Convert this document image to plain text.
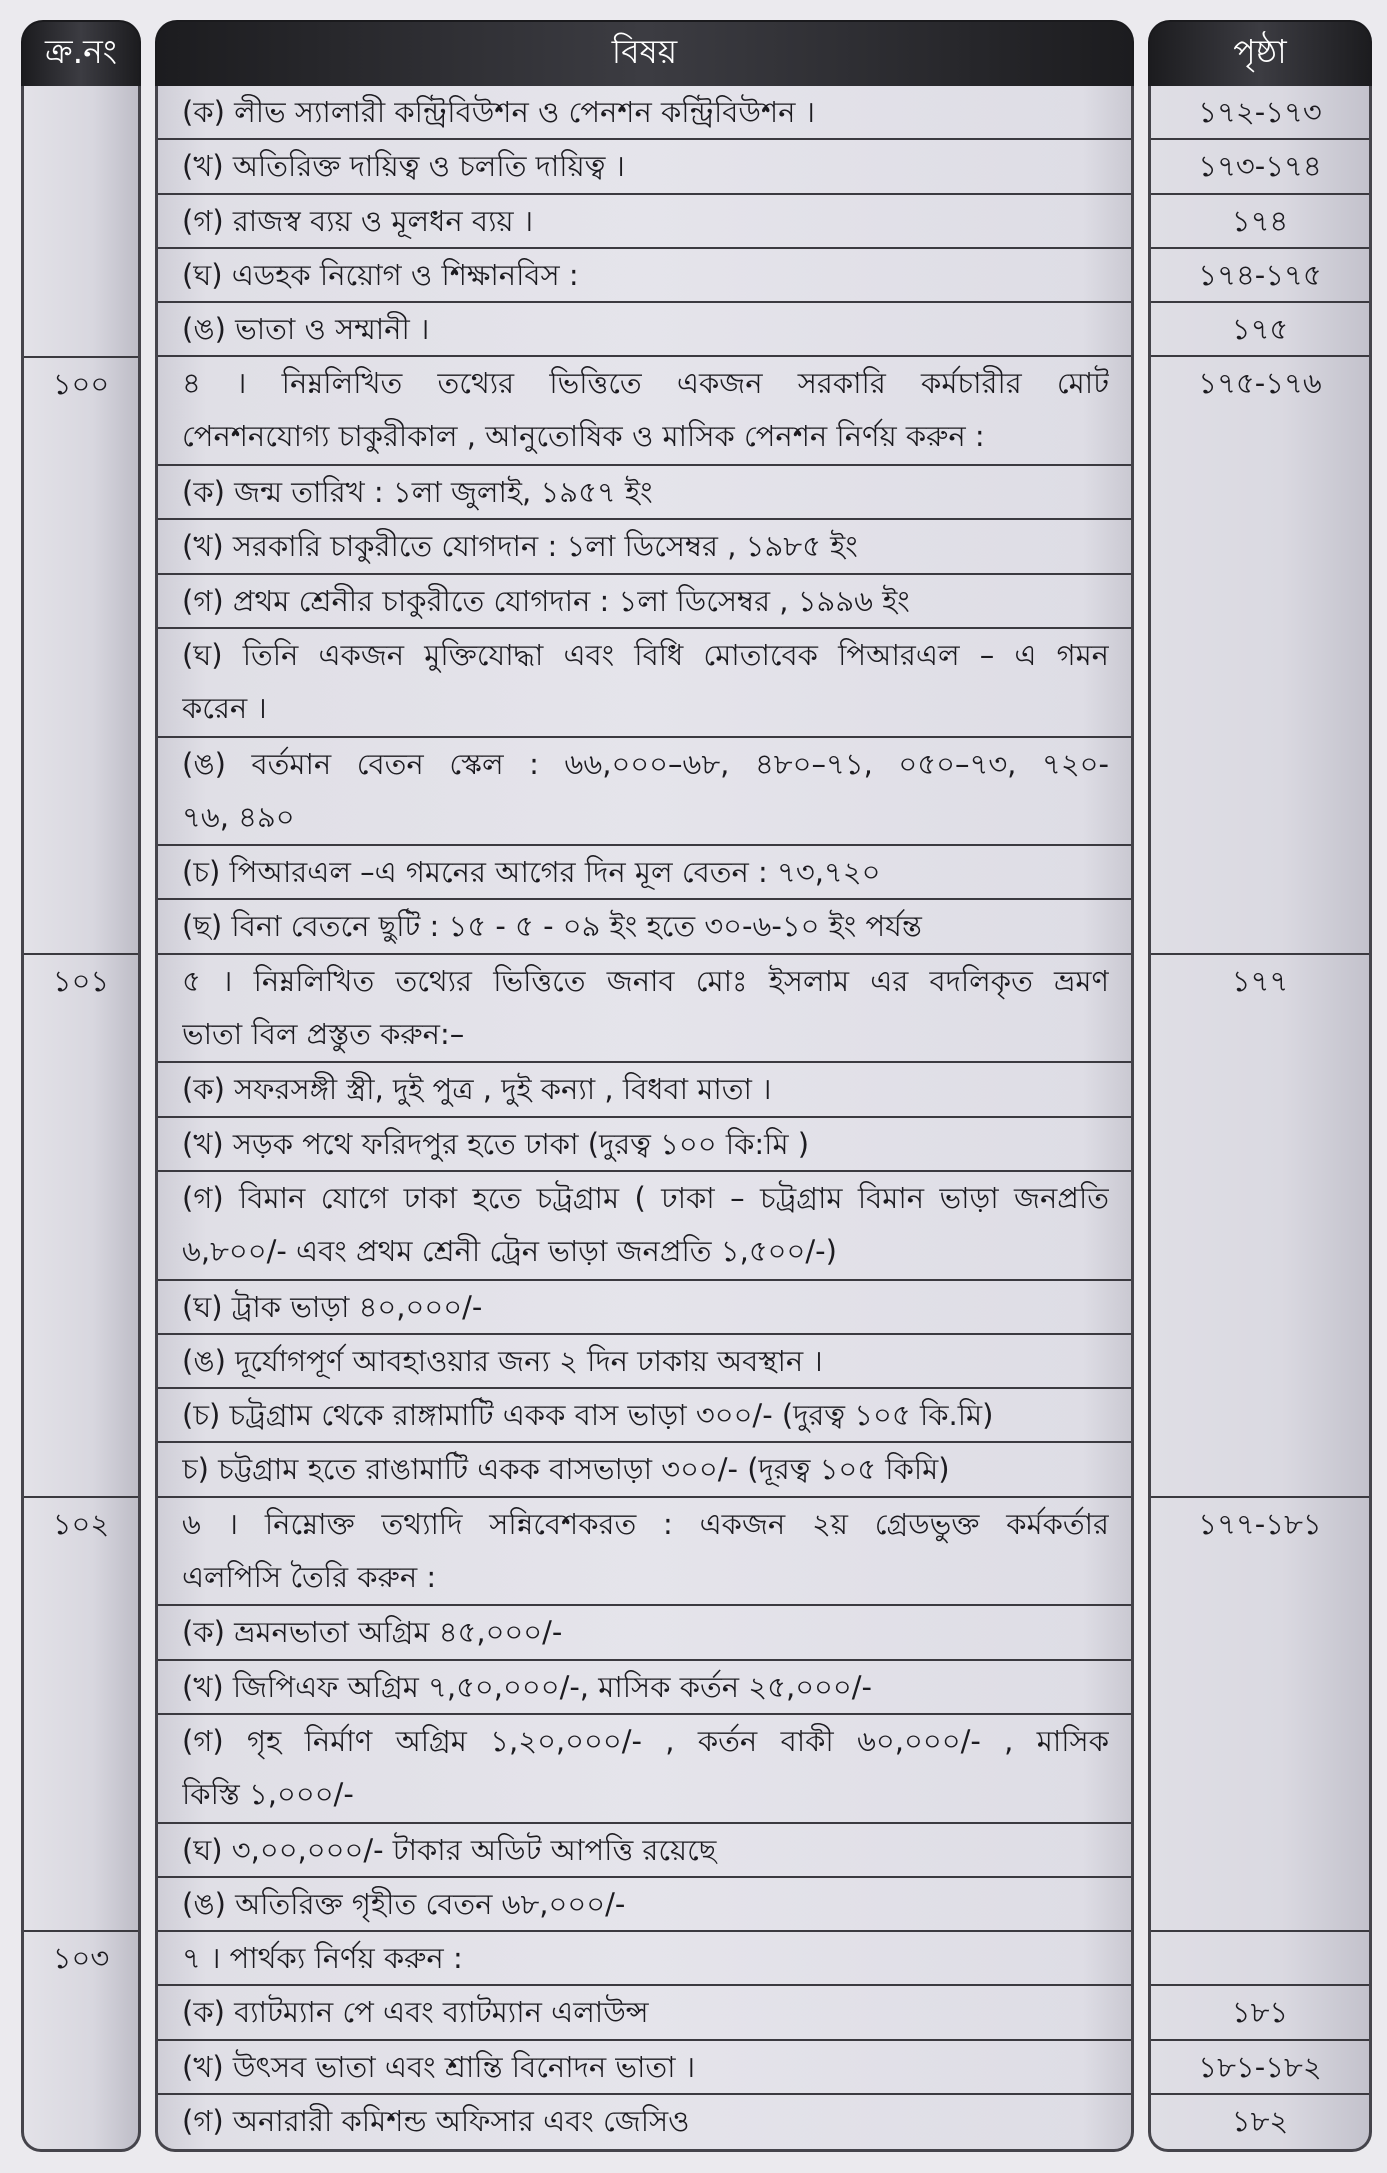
ক্র.নং
১০০
১০১
১০২
১০৩
বিষয়
(ক) লীভ স্যালারী কন্ট্রিবিউশন ও পেনশন কন্ট্রিবিউশন ।
(খ) অতিরিক্ত দায়িত্ব ও চলতি দায়িত্ব ।
(গ) রাজস্ব ব্যয় ও মূলধন ব্যয় ।
(ঘ) এডহক নিয়োগ ও শিক্ষানবিস :
(ঙ) ভাতা ও সম্মানী ।
৪ । নিম্নলিখিত তথ্যের ভিত্তিতে একজন সরকারি কর্মচারীর মোট
পেনশনযোগ্য চাকুরীকাল , আনুতোষিক ও মাসিক পেনশন নির্ণয় করুন :
(ক) জন্ম তারিখ : ১লা জুলাই, ১৯৫৭ ইং
(খ) সরকারি চাকুরীতে যোগদান : ১লা ডিসেম্বর , ১৯৮৫ ইং
(গ) প্রথম শ্রেনীর চাকুরীতে যোগদান : ১লা ডিসেম্বর , ১৯৯৬ ইং
(ঘ) তিনি একজন মুক্তিযোদ্ধা এবং বিধি মোতাবেক পিআরএল – এ গমন
করেন ।
(ঙ) বর্তমান বেতন স্কেল : ৬৬,০০০–৬৮, ৪৮০–৭১, ০৫০–৭৩, ৭২০-
৭৬, ৪৯০
(চ) পিআরএল –এ গমনের আগের দিন মূল বেতন : ৭৩,৭২০
(ছ) বিনা বেতনে ছুটি : ১৫ - ৫ - ০৯ ইং হতে ৩০-৬-১০ ইং পর্যন্ত
৫ । নিম্নলিখিত তথ্যের ভিত্তিতে জনাব মোঃ ইসলাম এর বদলিকৃত ভ্রমণ
ভাতা বিল প্রস্তুত করুন:–
(ক) সফরসঙ্গী স্ত্রী, দুই পুত্র , দুই কন্যা , বিধবা মাতা ।
(খ) সড়ক পথে ফরিদপুর হতে ঢাকা (দুরত্ব ১০০ কি:মি )
(গ) বিমান যোগে ঢাকা হতে চট্রগ্রাম ( ঢাকা – চট্রগ্রাম বিমান ভাড়া জনপ্রতি
৬,৮০০/- এবং প্রথম শ্রেনী ট্রেন ভাড়া জনপ্রতি ১,৫০০/-)
(ঘ) ট্রাক ভাড়া ৪০,০০০/-
(ঙ) দূর্যোগপূর্ণ আবহাওয়ার জন্য ২ দিন ঢাকায় অবস্থান ।
(চ) চট্রগ্রাম থেকে রাঙ্গামাটি একক বাস ভাড়া ৩০০/- (দুরত্ব ১০৫ কি.মি)
চ) চট্টগ্রাম হতে রাঙামাটি একক বাসভাড়া ৩০০/- (দূরত্ব ১০৫ কিমি)
৬ । নিম্নোক্ত তথ্যাদি সন্নিবেশকরত : একজন ২য় গ্রেডভুক্ত কর্মকর্তার
এলপিসি তৈরি করুন :
(ক) ভ্রমনভাতা অগ্রিম ৪৫,০০০/-
(খ) জিপিএফ অগ্রিম ৭,৫০,০০০/-, মাসিক কর্তন ২৫,০০০/-
(গ) গৃহ নির্মাণ অগ্রিম ১,২০,০০০/- , কর্তন বাকী ৬০,০০০/- , মাসিক
কিস্তি ১,০০০/-
(ঘ) ৩,০০,০০০/- টাকার অডিট আপত্তি রয়েছে
(ঙ) অতিরিক্ত গৃহীত বেতন ৬৮,০০০/-
৭ । পার্থক্য নির্ণয় করুন :
(ক) ব্যাটম্যান পে এবং ব্যাটম্যান এলাউন্স
(খ) উৎসব ভাতা এবং শ্রান্তি বিনোদন ভাতা ।
(গ) অনারারী কমিশন্ড অফিসার এবং জেসিও
পৃষ্ঠা
১৭২-১৭৩
১৭৩-১৭৪
১৭৪
১৭৪-১৭৫
১৭৫
১৭৫-১৭৬
১৭৭
১৭৭-১৮১
১৮১
১৮১-১৮২
১৮২
